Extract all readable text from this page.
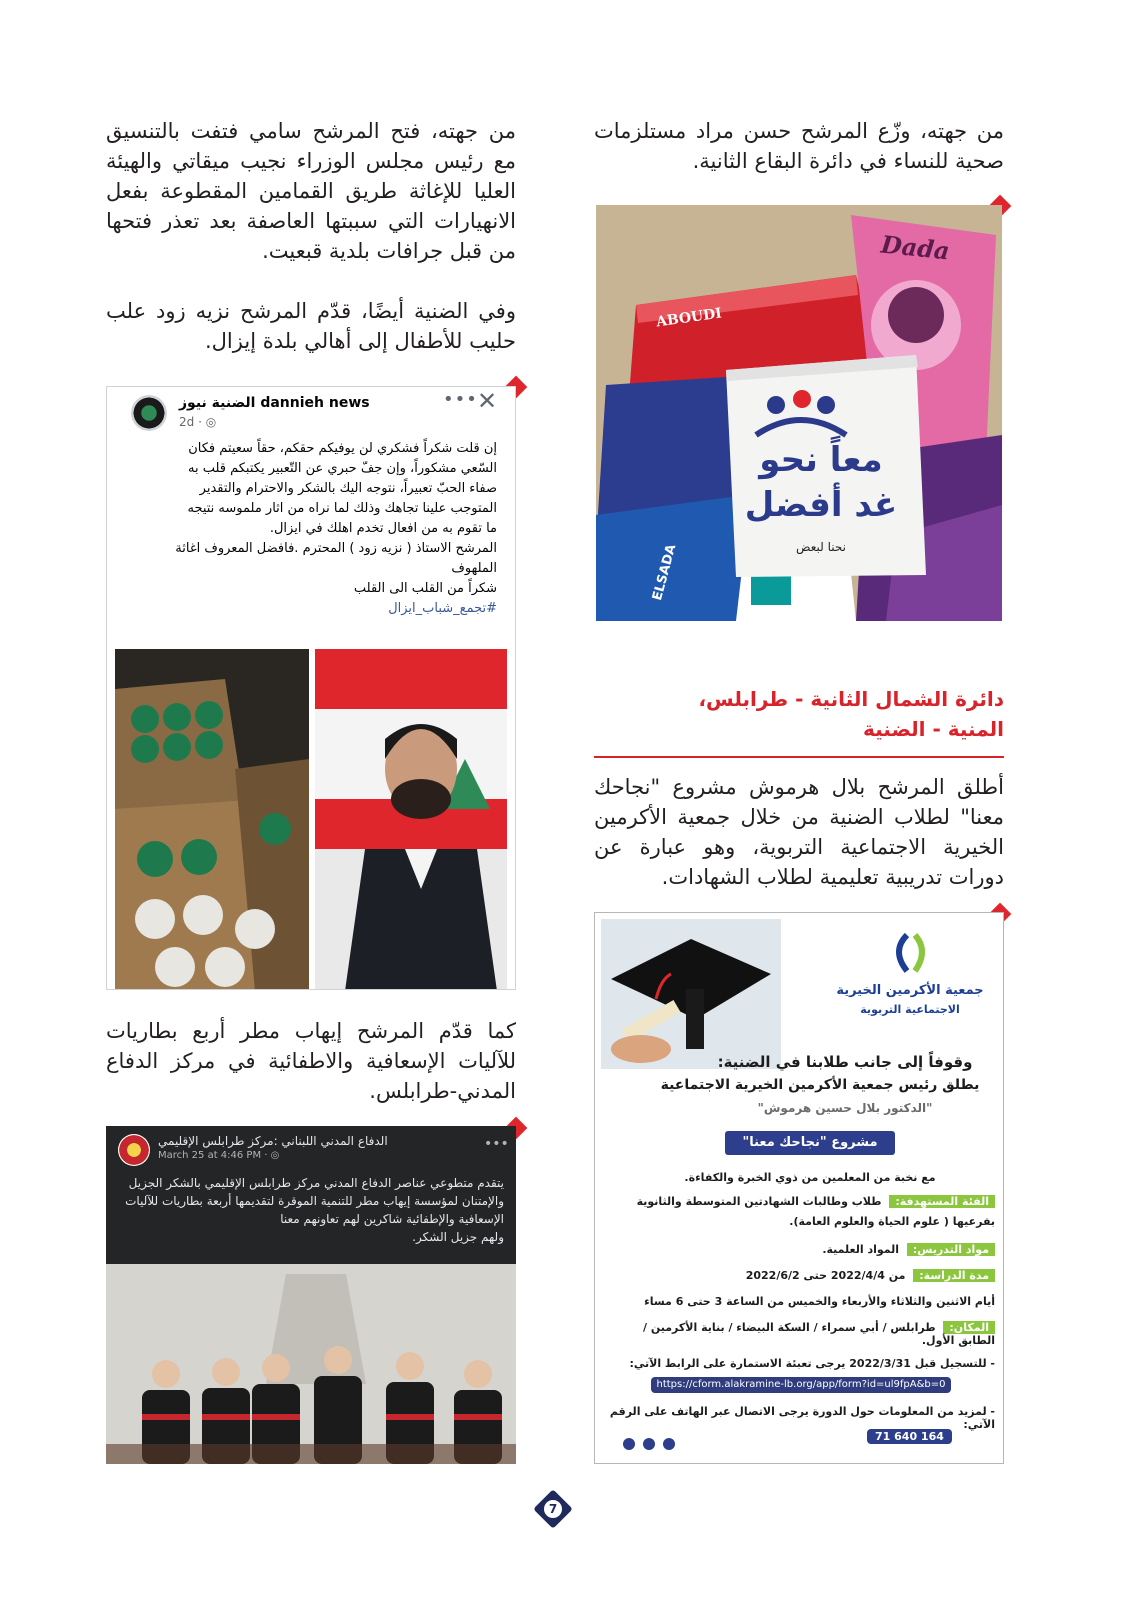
من جهته، وزّع المرشح حسن مراد مستلزمات صحية للنساء في دائرة البقاع الثانية.

ABOUDI
Dada
ELSADA
معاً نحو
غد أفضل
نحنا لبعض
دائرة الشمال الثانية - طرابلس، المنية - الضنية

أطلق المرشح بلال هرموش مشروع "نجاحك معنا" لطلاب الضنية من خلال جمعية الأكرمين الخيرية الاجتماعية التربوية، وهو عبارة عن دورات تدريبية تعليمية لطلاب الشهادات.

جمعية الأكرمين الخيرية
الاجتماعية التربوية
وقوفاً إلى جانب طلابنا في الضنية:
يطلق رئيس جمعية الأكرمين الخيرية الاجتماعية
"الدكتور بلال حسين هرموش"
مشروع "نجاحك معنا"
مع نخبة من المعلمين من ذوي الخبرة والكفاءة.
الفئة المستهدفة: طلاب وطالبات الشهادتين المتوسطة والثانوية
بفرعيها ( علوم الحياة والعلوم العامة).
مواد التدريس: المواد العلمية.
مدة الدراسة: من 2022/4/4 حتى 2022/6/2
أيام الاثنين والثلاثاء والأربعاء والخميس من الساعة 3 حتى 6 مساء
المكان: طرابلس / أبي سمراء / السكة البيضاء / بناية الأكرمين / الطابق الأول.
- للتسجيل قبل 2022/3/31 يرجى تعبئة الاستمارة على الرابط الآتي:
https://cform.alakramine-lb.org/app/form?id=ul9fpA&b=0
- لمزيد من المعلومات حول الدورة يرجى الاتصال عبر الهاتف على الرقم الآتي:

71 640 164

من جهته، فتح المرشح سامي فتفت بالتنسيق مع رئيس مجلس الوزراء نجيب ميقاتي والهيئة العليا للإغاثة طريق القمامين المقطوعة بفعل الانهيارات التي سببتها العاصفة بعد تعذر فتحها من قبل جرافات بلدية قبعيت.

وفي الضنية أيضًا، قدّم المرشح نزيه زود علب حليب للأطفال إلى أهالي بلدة إيزال.

الضنية نيوز dannieh news
2d · ◎
••• ✕
إن قلت شكراً فشكري لن يوفيكم حقكم، حقاً سعيتم فكان
السّعي مشكوراً، وإن جفّ حبري عن التّعبير يكتبكم قلب به
صفاء الحبّ تعبيراً، نتوجه اليك بالشكر والاحترام والتقدير
المتوجب علينا تجاهك وذلك لما نراه من اثار ملموسه نتيجه
ما تقوم به من افعال تخدم اهلك في ايزال.
المرشح الاستاذ ( نزيه زود ) المحترم .فافضل المعروف اغاثة
الملهوف
شكراً من القلب الى القلب
#تجمع_شباب_ايزال

كما قدّم المرشح إيهاب مطر أربع بطاريات للآليات الإسعافية والاطفائية في مركز الدفاع المدني-طرابلس.

الدفاع المدني اللبناني :مركز طرابلس الإقليمي
March 25 at 4:46 PM · ◎
•••
يتقدم متطوعي عناصر الدفاع المدني مركز طرابلس الإقليمي بالشكر الجزيل
والإمتنان لمؤسسة إيهاب مطر للتنمية الموقرة لتقديمها أربعة بطاريات للآليات
الإسعافية والإطفائية شاكرين لهم تعاونهم معنا
ولهم جزيل الشكر.
7
